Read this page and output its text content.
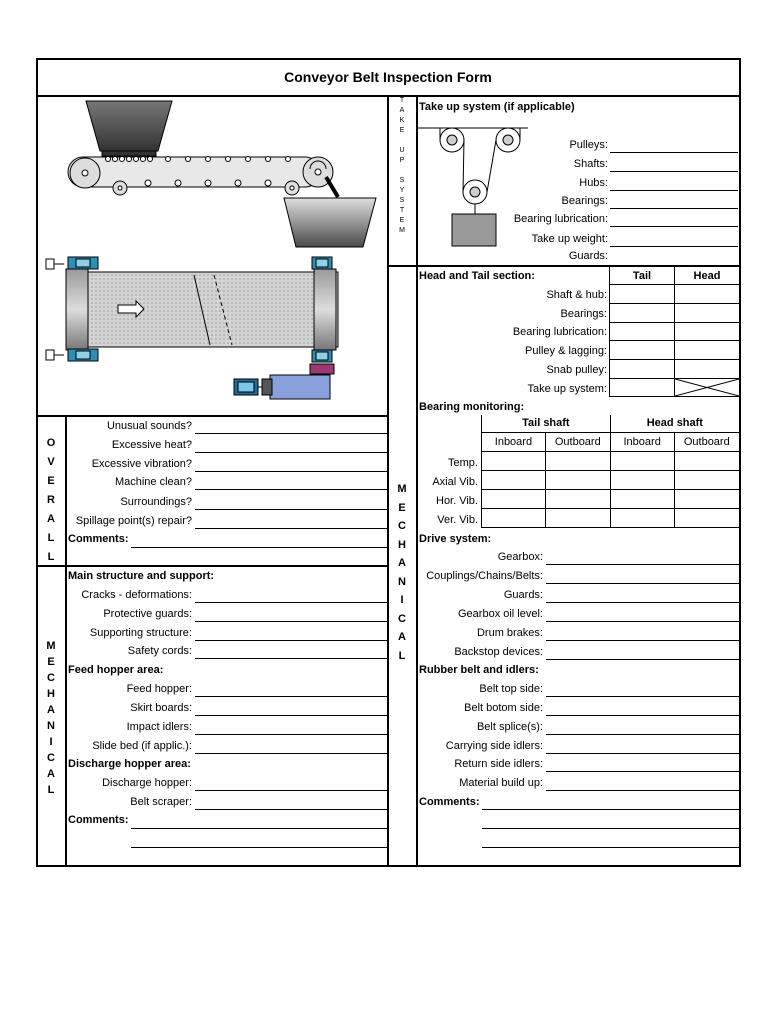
Conveyor Belt Inspection Form
T
A
K
E

U
P

S
Y
S
T
E
M
Take up system (if applicable)
Pulleys:
Shafts:
Hubs:
Bearings:
Bearing lubrication:
Take up weight:
Guards:
Head and Tail section:	Tail	Head
Shaft & hub:
Bearings:
Bearing lubrication:
Pulley & lagging:
Snab pulley:
Take up system:
Bearing monitoring:
Tail shaft		Head shaft	
Inboard	Outboard	Inboard	Outboard

Temp.
Axial Vib.
Hor. Vib.
Ver. Vib.
Drive system:
Gearbox:
Couplings/Chains/Belts:
Guards:
Gearbox oil level:
Drum brakes:
Backstop devices:
Rubber belt and idlers:
Belt top side:
Belt botom side:
Belt splice(s):
Carrying side idlers:
Return side idlers:
Material build up:
Comments:
M
E
C
H
A
N
I
C
A
L
O
V
E
R
A
L
L
Unusual sounds?
Excessive heat?
Excessive vibration?
Machine clean?
Surroundings?
Spillage point(s) repair?
Comments:
M
E
C
H
A
N
I
C
A
L
Main structure and support:
Cracks - deformations:
Protective guards:
Supporting structure:
Safety cords:
Feed hopper area:
Feed hopper:
Skirt boards:
Impact idlers:
Slide bed (if applic.):
Discharge hopper area:
Discharge hopper:
Belt scraper:
Comments:
